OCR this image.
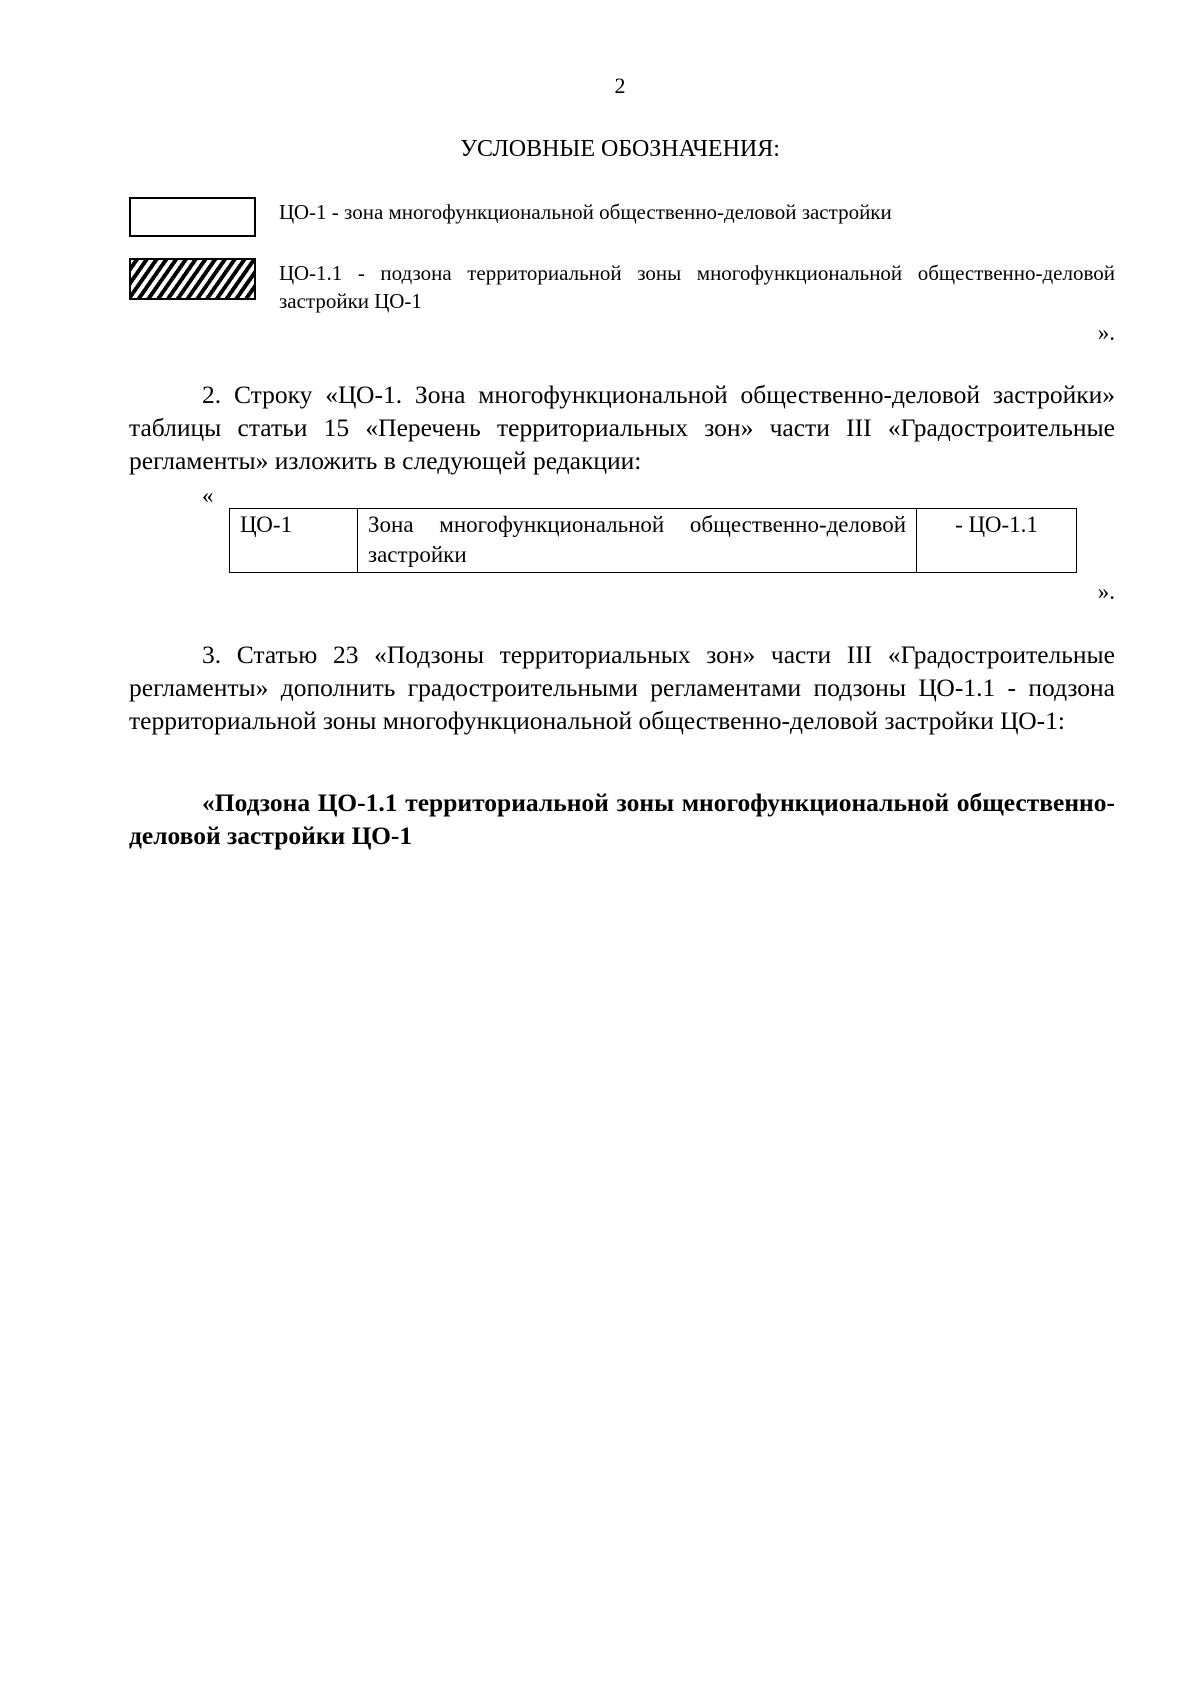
2
УСЛОВНЫЕ ОБОЗНАЧЕНИЯ:
ЦО-1 - зона многофункциональной общественно-деловой застройки
ЦО-1.1 - подзона территориальной зоны многофункциональной общественно-деловой застройки ЦО-1
».
2. Строку «ЦО-1. Зона многофункциональной общественно-деловой застройки» таблицы статьи 15 «Перечень территориальных зон» части III «Градостроительные регламенты» изложить в следующей редакции:
«
ЦО-1	Зона многофункциональной общественно-деловой застройки	- ЦО-1.1
».
3. Статью 23 «Подзоны территориальных зон» части III «Градостроительные регламенты» дополнить градостроительными регламентами подзоны ЦО-1.1 - подзона территориальной зоны многофункциональной общественно-деловой застройки ЦО-1:
«Подзона ЦО-1.1 территориальной зоны многофункциональной общественно-деловой застройки ЦО-1
